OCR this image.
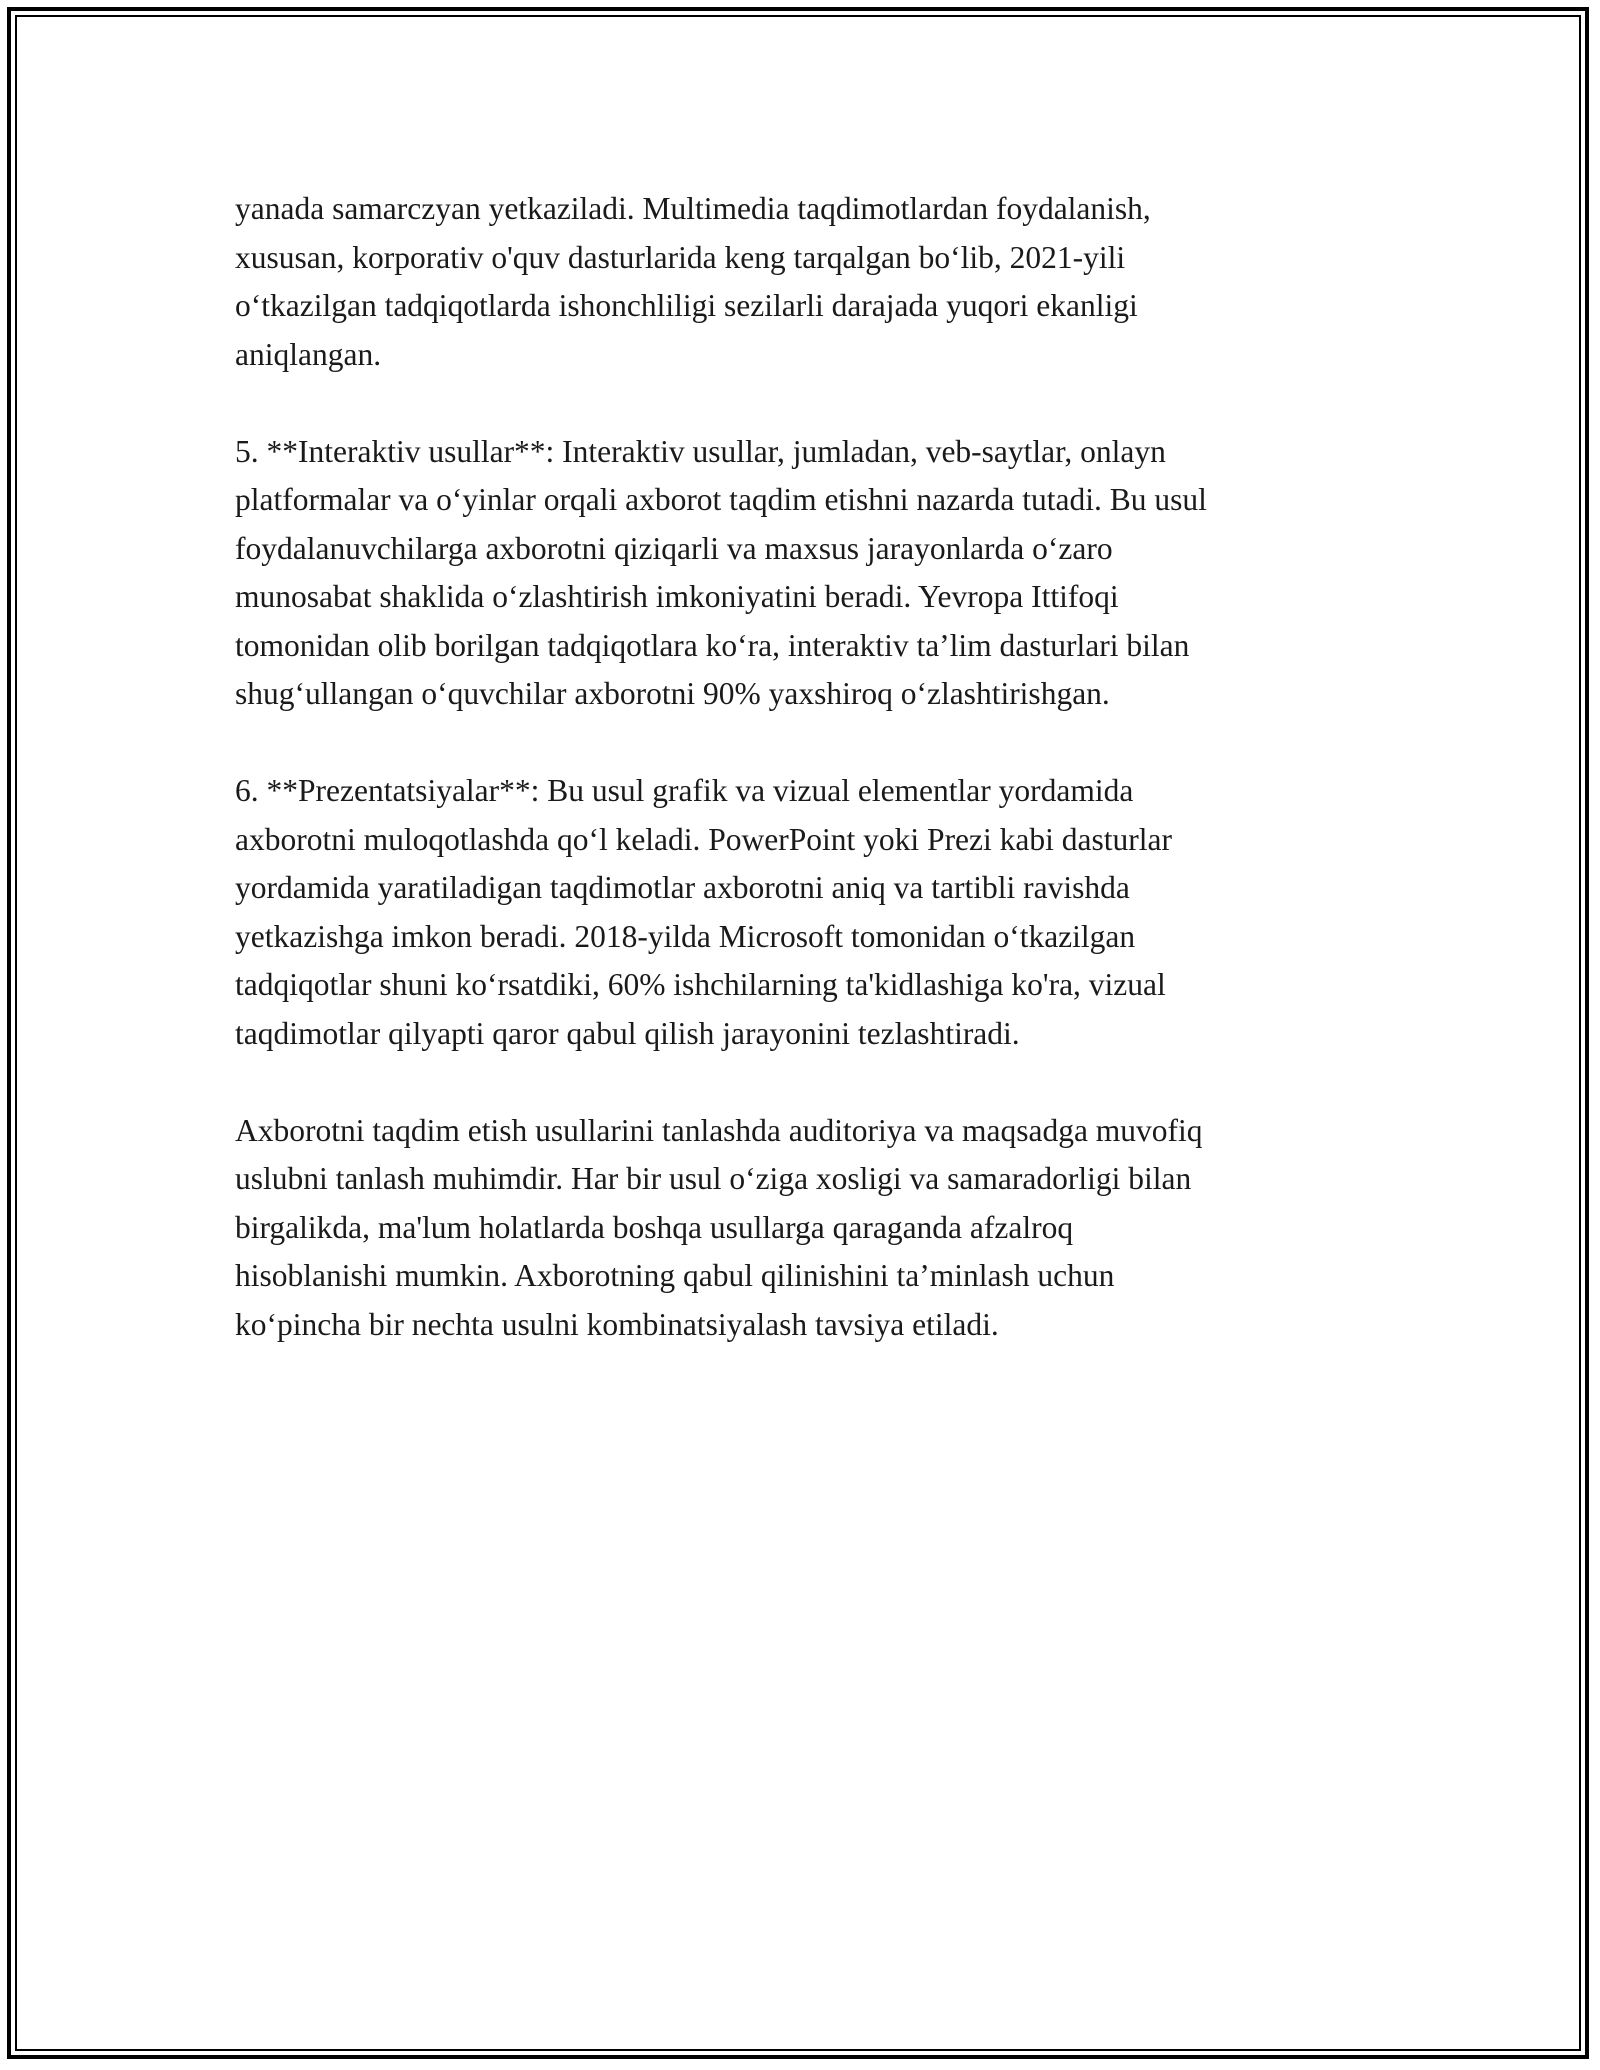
yanada samarczyan yetkaziladi. Multimedia taqdimotlardan foydalanish,
xususan, korporativ o'quv dasturlarida keng tarqalgan boʻlib, 2021-yili
oʻtkazilgan tadqiqotlarda ishonchliligi sezilarli darajada yuqori ekanligi
aniqlangan.

5. **Interaktiv usullar**: Interaktiv usullar, jumladan, veb-saytlar, onlayn
platformalar va oʻyinlar orqali axborot taqdim etishni nazarda tutadi. Bu usul
foydalanuvchilarga axborotni qiziqarli va maxsus jarayonlarda oʻzaro
munosabat shaklida oʻzlashtirish imkoniyatini beradi. Yevropa Ittifoqi
tomonidan olib borilgan tadqiqotlara koʻra, interaktiv taʼlim dasturlari bilan
shugʻullangan oʻquvchilar axborotni 90% yaxshiroq oʻzlashtirishgan.

6. **Prezentatsiyalar**: Bu usul grafik va vizual elementlar yordamida
axborotni muloqotlashda qoʻl keladi. PowerPoint yoki Prezi kabi dasturlar
yordamida yaratiladigan taqdimotlar axborotni aniq va tartibli ravishda
yetkazishga imkon beradi. 2018-yilda Microsoft tomonidan oʻtkazilgan
tadqiqotlar shuni koʻrsatdiki, 60% ishchilarning ta'kidlashiga ko'ra, vizual
taqdimotlar qilyapti qaror qabul qilish jarayonini tezlashtiradi.

Axborotni taqdim etish usullarini tanlashda auditoriya va maqsadga muvofiq
uslubni tanlash muhimdir. Har bir usul oʻziga xosligi va samaradorligi bilan
birgalikda, ma'lum holatlarda boshqa usullarga qaraganda afzalroq
hisoblanishi mumkin. Axborotning qabul qilinishini taʼminlash uchun
koʻpincha bir nechta usulni kombinatsiyalash tavsiya etiladi.
